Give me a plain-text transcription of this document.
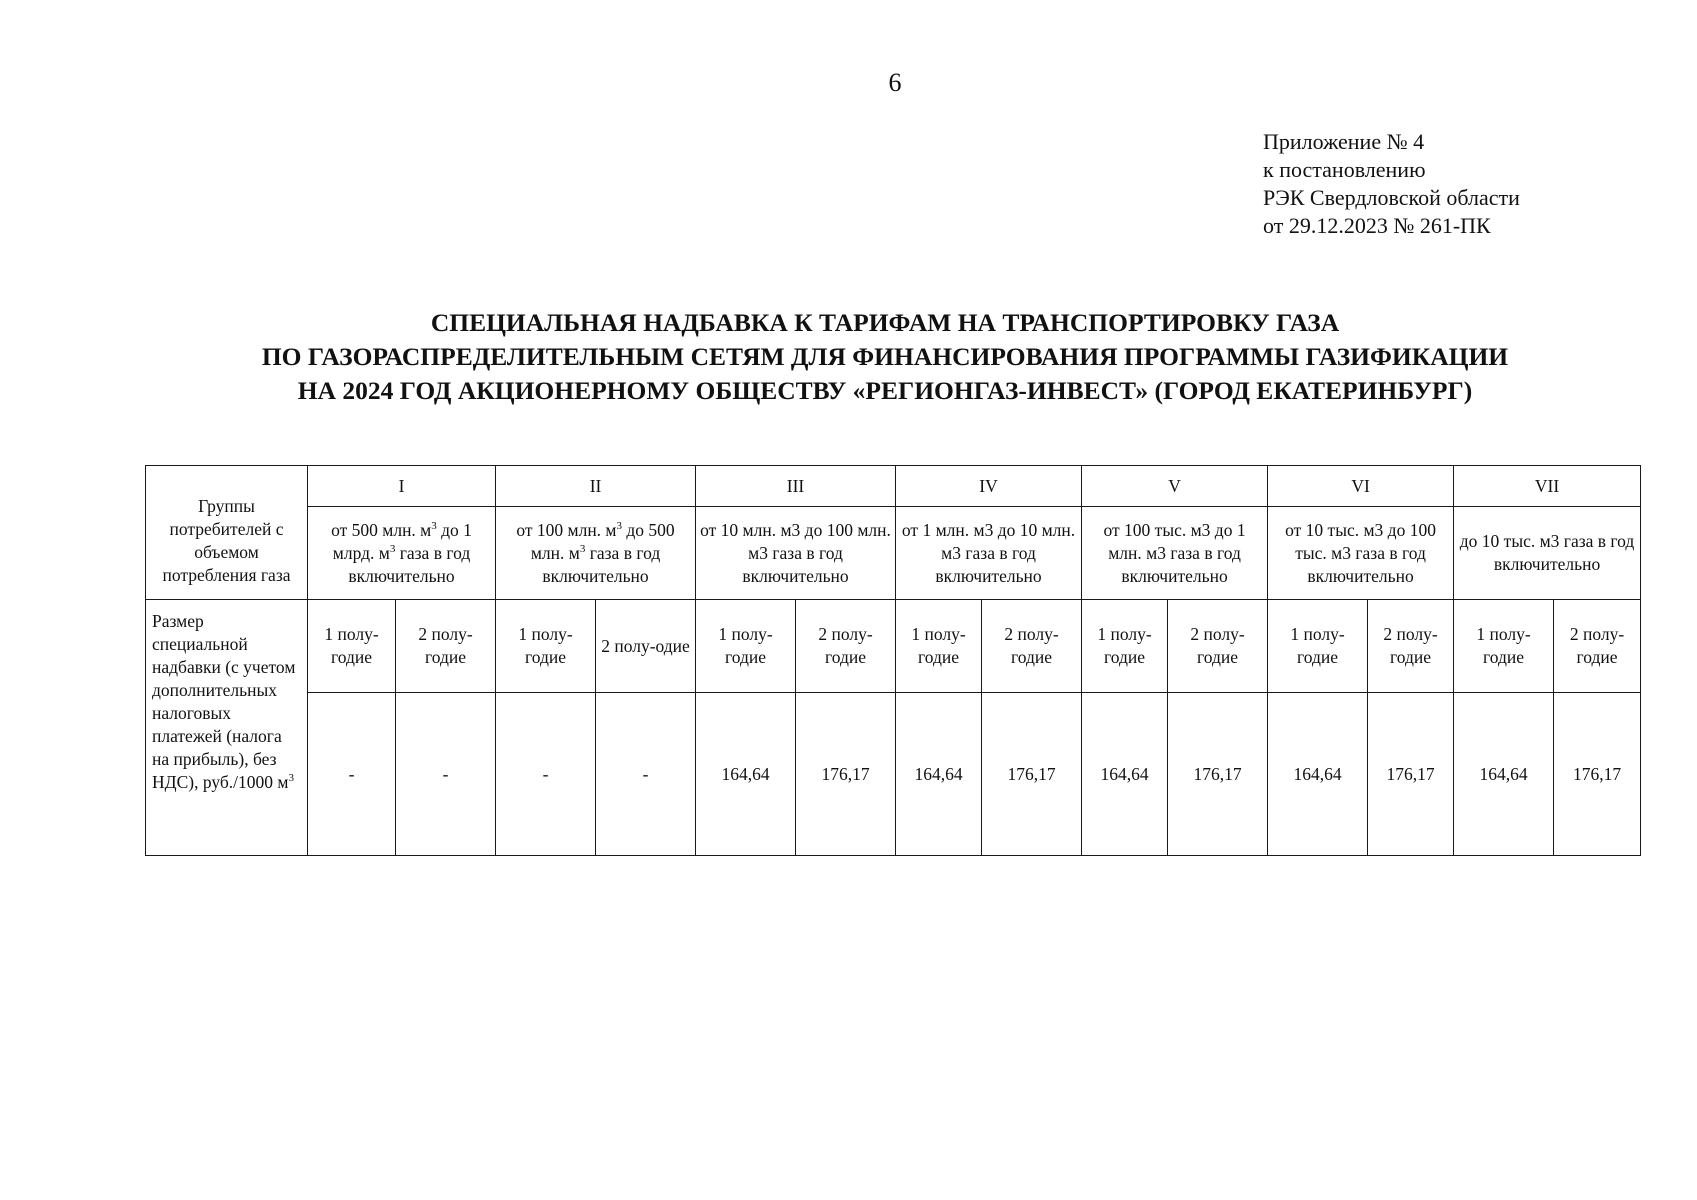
6
Приложение № 4
к постановлению
РЭК Свердловской области
от 29.12.2023 № 261-ПК
СПЕЦИАЛЬНАЯ НАДБАВКА К ТАРИФАМ НА ТРАНСПОРТИРОВКУ ГАЗА
ПО ГАЗОРАСПРЕДЕЛИТЕЛЬНЫМ СЕТЯМ ДЛЯ ФИНАНСИРОВАНИЯ ПРОГРАММЫ ГАЗИФИКАЦИИ
НА 2024 ГОД АКЦИОНЕРНОМУ ОБЩЕСТВУ «РЕГИОНГАЗ-ИНВЕСТ» (ГОРОД ЕКАТЕРИНБУРГ)
Группы потребителей с объемом потребления газа	I		II		III		IV		V		VI		VII	
	от 500 млн. $м^3$ до 1 млрд. $м^3$ газа в год включительно		от 100 млн. $м^3$ до 500 млн. $м^3$ газа в год включительно		от 10 млн. м3 до 100 млн. м3 газа в год включительно		от 1 млн. м3 до 10 млн. м3 газа в год включительно		от 100 тыс. м3 до 1 млн. м3 газа в год включительно		от 10 тыс. м3 до 100 тыс. м3 газа в год включительно		до 10 тыс. м3 газа в год включительно	
Размер специальной надбавки (с учетом дополнительных налоговых платежей (налога на прибыль), без НДС), руб./1000 $м^3$	1 полу-годие	2 полу-годие	1 полу-годие	2 полу-одие	1 полу-годие	2 полу-годие	1 полу-годие	2 полу-годие	1 полу-годие	2 полу-годие	1 полу-годие	2 полу-годие	1 полу-годие	2 полу-годие
	-	-	-	-	164,64	176,17	164,64	176,17	164,64	176,17	164,64	176,17	164,64	176,17
